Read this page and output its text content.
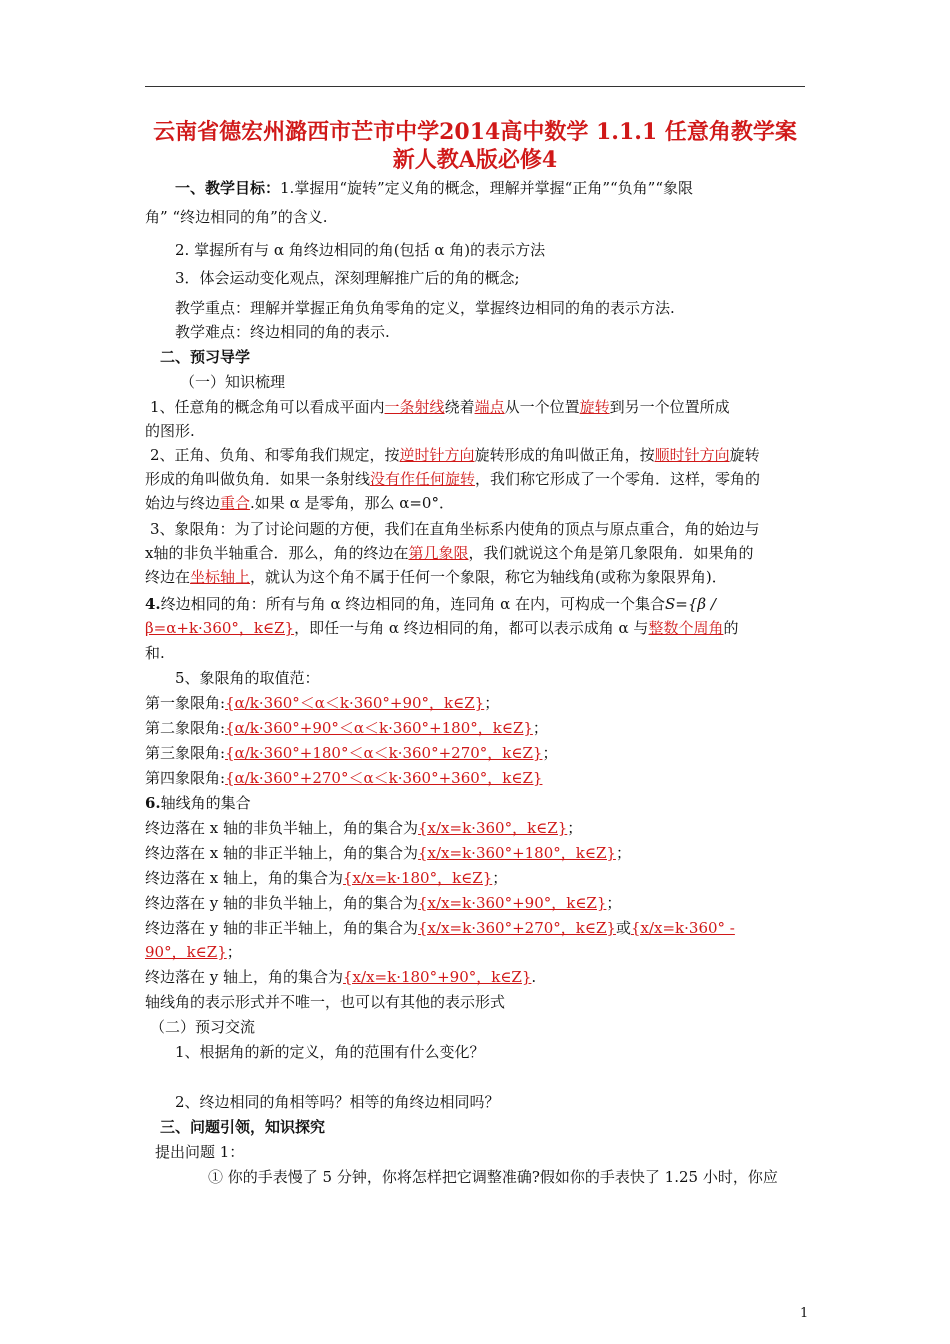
云南省德宏州潞西市芒市中学2014高中数学 1.1.1 任意角教学案 新人教A版必修4
一、教学目标：1.掌握用“旋转”定义角的概念，理解并掌握“正角”“负角”“象限
角” “终边相同的角”的含义.
2. 掌握所有与 α 角终边相同的角(包括 α 角)的表示方法
3．体会运动变化观点，深刻理解推广后的角的概念;
教学重点：理解并掌握正角负角零角的定义，掌握终边相同的角的表示方法.
教学难点：终边相同的角的表示.
二、预习导学
（一）知识梳理
1、任意角的概念角可以看成平面内一条射线绕着端点从一个位置旋转到另一个位置所成
的图形.
2、正角、负角、和零角我们规定，按逆时针方向旋转形成的角叫做正角，按顺时针方向旋转
形成的角叫做负角．如果一条射线没有作任何旋转，我们称它形成了一个零角．这样，零角的
始边与终边重合.如果 α 是零角，那么 α=0°．
3、象限角：为了讨论问题的方便，我们在直角坐标系内使角的顶点与原点重合，角的始边与
x轴的非负半轴重合．那么，角的终边在第几象限，我们就说这个角是第几象限角．如果角的
终边在坐标轴上，就认为这个角不属于任何一个象限，称它为轴线角(或称为象限界角)．
4.终边相同的角：所有与角 α 终边相同的角，连同角 α 在内，可构成一个集合S={β /
β=α+k·360°，k∈Z}，即任一与角 α 终边相同的角，都可以表示成角 α 与整数个周角的
和.
5、象限角的取值范：
第一象限角:{α/k·360°＜α＜k·360°+90°，k∈Z}；
第二象限角:{α/k·360°+90°＜α＜k·360°+180°，k∈Z}；
第三象限角:{α/k·360°+180°＜α＜k·360°+270°，k∈Z}；
第四象限角:{α/k·360°+270°＜α＜k·360°+360°，k∈Z}
6.轴线角的集合
终边落在 x 轴的非负半轴上，角的集合为{x/x=k·360°，k∈Z}；
终边落在 x 轴的非正半轴上，角的集合为{x/x=k·360°+180°，k∈Z}；
终边落在 x 轴上，角的集合为{x/x=k·180°，k∈Z}；
终边落在 y 轴的非负半轴上，角的集合为{x/x=k·360°+90°，k∈Z}；
终边落在 y 轴的非正半轴上，角的集合为{x/x=k·360°+270°，k∈Z}或{x/x=k·360° -
90°，k∈Z}；
终边落在 y 轴上，角的集合为{x/x=k·180°+90°，k∈Z}.
轴线角的表示形式并不唯一，也可以有其他的表示形式
（二）预习交流
1、根据角的新的定义，角的范围有什么变化？
2、终边相同的角相等吗？相等的角终边相同吗？
三、问题引领，知识探究
提出问题 1：
① 你的手表慢了 5 分钟，你将怎样把它调整准确?假如你的手表快了 1.25 小时，你应
1
